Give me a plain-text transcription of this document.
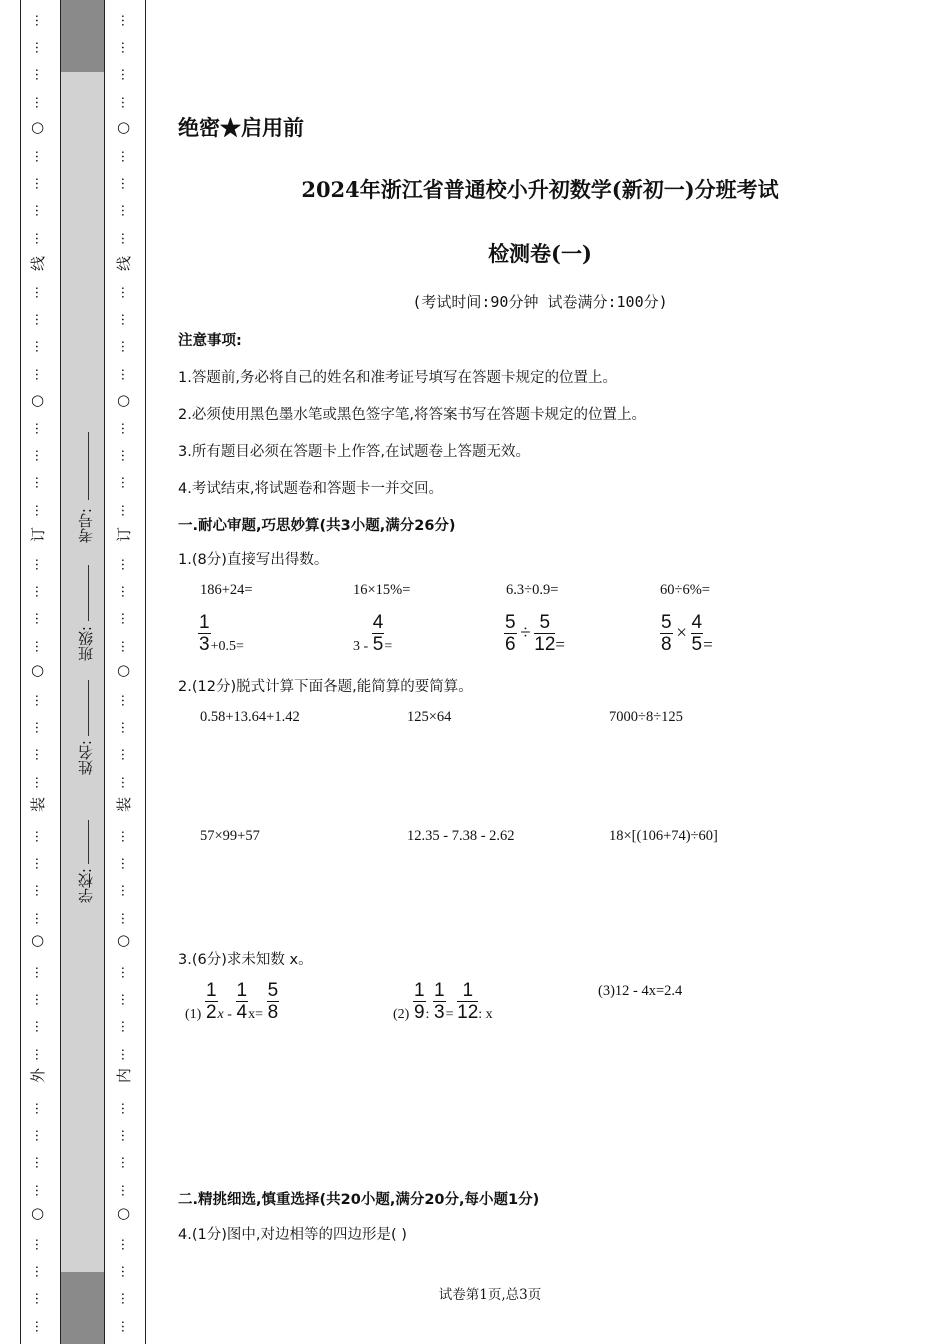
…
…
…
…
…
…
…
…
…
…
…
…
…
…
…
…
…
…
…
…
…
…
…
…
…
…
…
…
…
…
…
…
…
…
…
…
…
…
…
…
○
○
○
○
○
线
订
装
外
…
…
…
…
…
…
…
…
…
…
…
…
…
…
…
…
…
…
…
…
…
…
…
…
…
…
…
…
…
…
…
…
…
…
…
…
…
…
…
…
○
○
○
○
○
线
订
装
内
学校:
姓名:
班级:
考号:
绝密★启用前
2024年浙江省普通校小升初数学(新初一)分班考试
检测卷(一)
(考试时间:90分钟 试卷满分:100分)
注意事项:
1.答题前,务必将自己的姓名和准考证号填写在答题卡规定的位置上。
2.必须使用黑色墨水笔或黑色签字笔,将答案书写在答题卡规定的位置上。
3.所有题目必须在答题卡上作答,在试题卷上答题无效。
4.考试结束,将试题卷和答题卡一并交回。
一.耐心审题,巧思妙算(共3小题,满分26分)
1.(8分)直接写出得数。
186+24=	16×15%=	6.3÷0.9=	60÷6%=
$\frac{1}{3} +0.5=$	$3 - \frac{4}{5}$ =	$\frac{5}{6} \div \frac{5}{12}$ =	$\frac{5}{8} \times \frac{4}{5}$ =
2.(12分)脱式计算下面各题,能简算的要简算。
0.58+13.64+1.42	125×64	7000÷8÷125
57×99+57	12.35 - 7.38 - 2.62	18×[(106+74)÷60]
3.(6分)求未知数 x。
$(1) \frac{1}{2}$ $x - \frac{1}{4} x= \frac{5}{8}$	$(2) \frac{1}{9}$ : $\frac{1}{3} = \frac{1}{12}$ : x
(3)12 - 4x=2.4
二.精挑细选,慎重选择(共20小题,满分20分,每小题1分)
4.(1分)图中,对边相等的四边形是( )
试卷第1页,总3页
